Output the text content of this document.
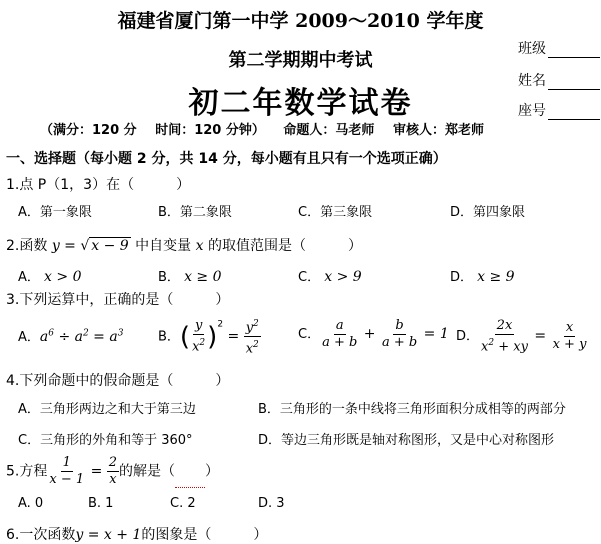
福建省厦门第一中学 2009～2010 学年度
第二学期期中考试
初二年数学试卷
班级
姓名
座号
（满分：120 分 时间：120 分钟） 命题人：马老师 审核人：郑老师
一、选择题（每小题 2 分，共 14 分，每小题有且只有一个选项正确）
1.点 P（1，3）在（　　　）
A．第一象限	B．第二象限	C．第三象限	D．第四象限
2.函数 y = √ x − 9 中自变量 x 的取值范围是（　　　）
A． x > 0	B． x ≥ 0	C． x > 9	D． x ≥ 9
3.下列运算中，正确的是（　　　）
A．$a^6 \div a^2 = a^3$	B．( $\frac{y}{x^2} )^2 = \frac{y^2}{x^2}$	C． $\frac{a}{a + b} + \frac{b}{a + b} = 1$ D． $\frac{2x}{x^2 + xy} = \frac{x}{x + y}$
4.下列命题中的假命题是（　　　）
A．三角形两边之和大于第三边	B．三角形的一条中线将三角形面积分成相等的两部分
C．三角形的外角和等于 360°	D．等边三角形既是轴对称图形，又是中心对称图形
5.方程 $\frac{1}{x - 1} = \frac{2}{x}$ 的解是（ ）
A. 0	B. 1	C. 2	D. 3
6.一次函数y = x + 1的图象是（　　　）
